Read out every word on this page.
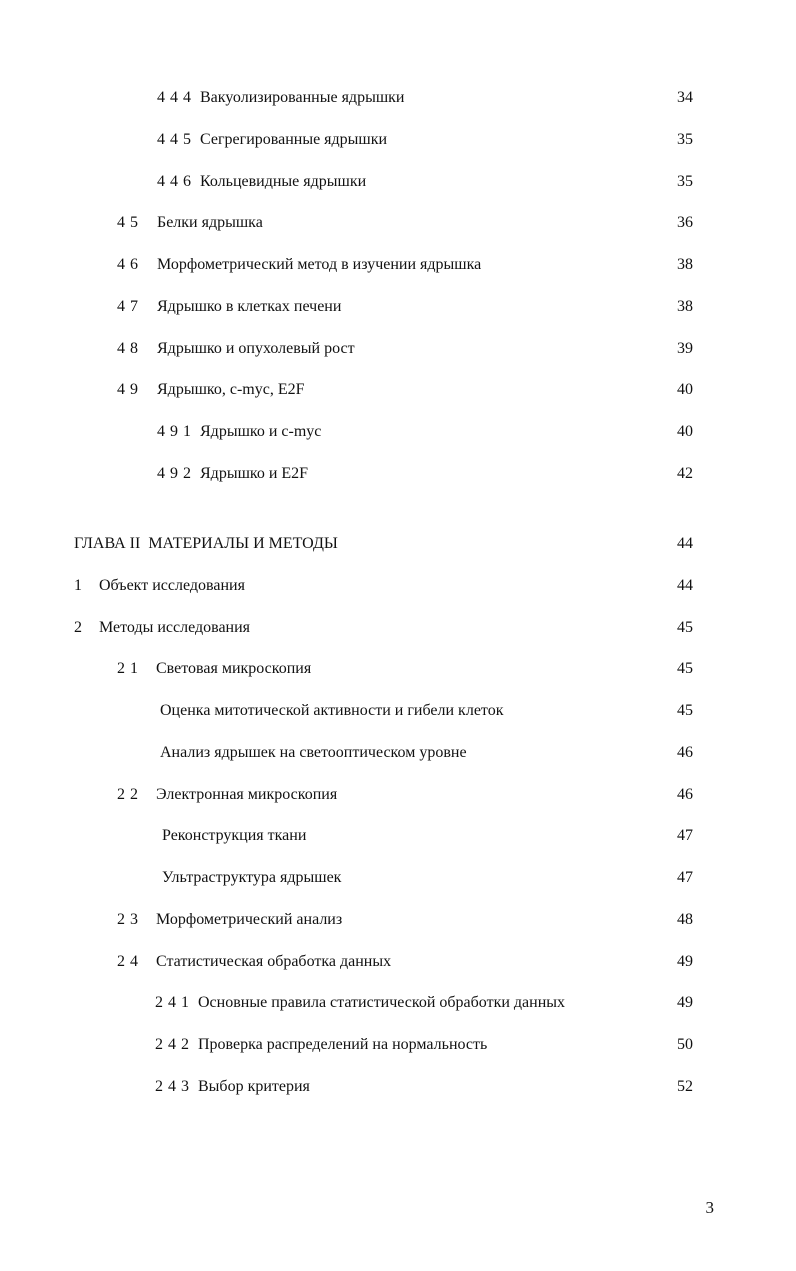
4 4 4 Вакуолизированные ядрышки	34
4 4 5 Сегрегированные ядрышки	35
4 4 6 Кольцевидные ядрышки	35
4 5 Белки ядрышка	36
4 6 Морфометрический метод в изучении ядрышка	38
4 7 Ядрышко в клетках печени	38
4 8 Ядрышко и опухолевый рост	39
4 9 Ядрышко, с-myc, E2F	40
4 9 1 Ядрышко и с-myc	40
4 9 2 Ядрышко и E2F	42
ГЛАВА II  МАТЕРИАЛЫ И МЕТОДЫ	44
1 Объект исследования	44
2 Методы исследования	45
2 1 Световая микроскопия	45
Оценка митотической активности и гибели клеток	45
Анализ ядрышек на светооптическом уровне	46
2 2 Электронная микроскопия	46
Реконструкция ткани	47
Ультраструктура ядрышек	47
2 3 Морфометрический анализ	48
2 4 Статистическая обработка данных	49
2 4 1 Основные правила статистической обработки данных	49
2 4 2 Проверка распределений на нормальность	50
2 4 3 Выбор критерия	52
3
